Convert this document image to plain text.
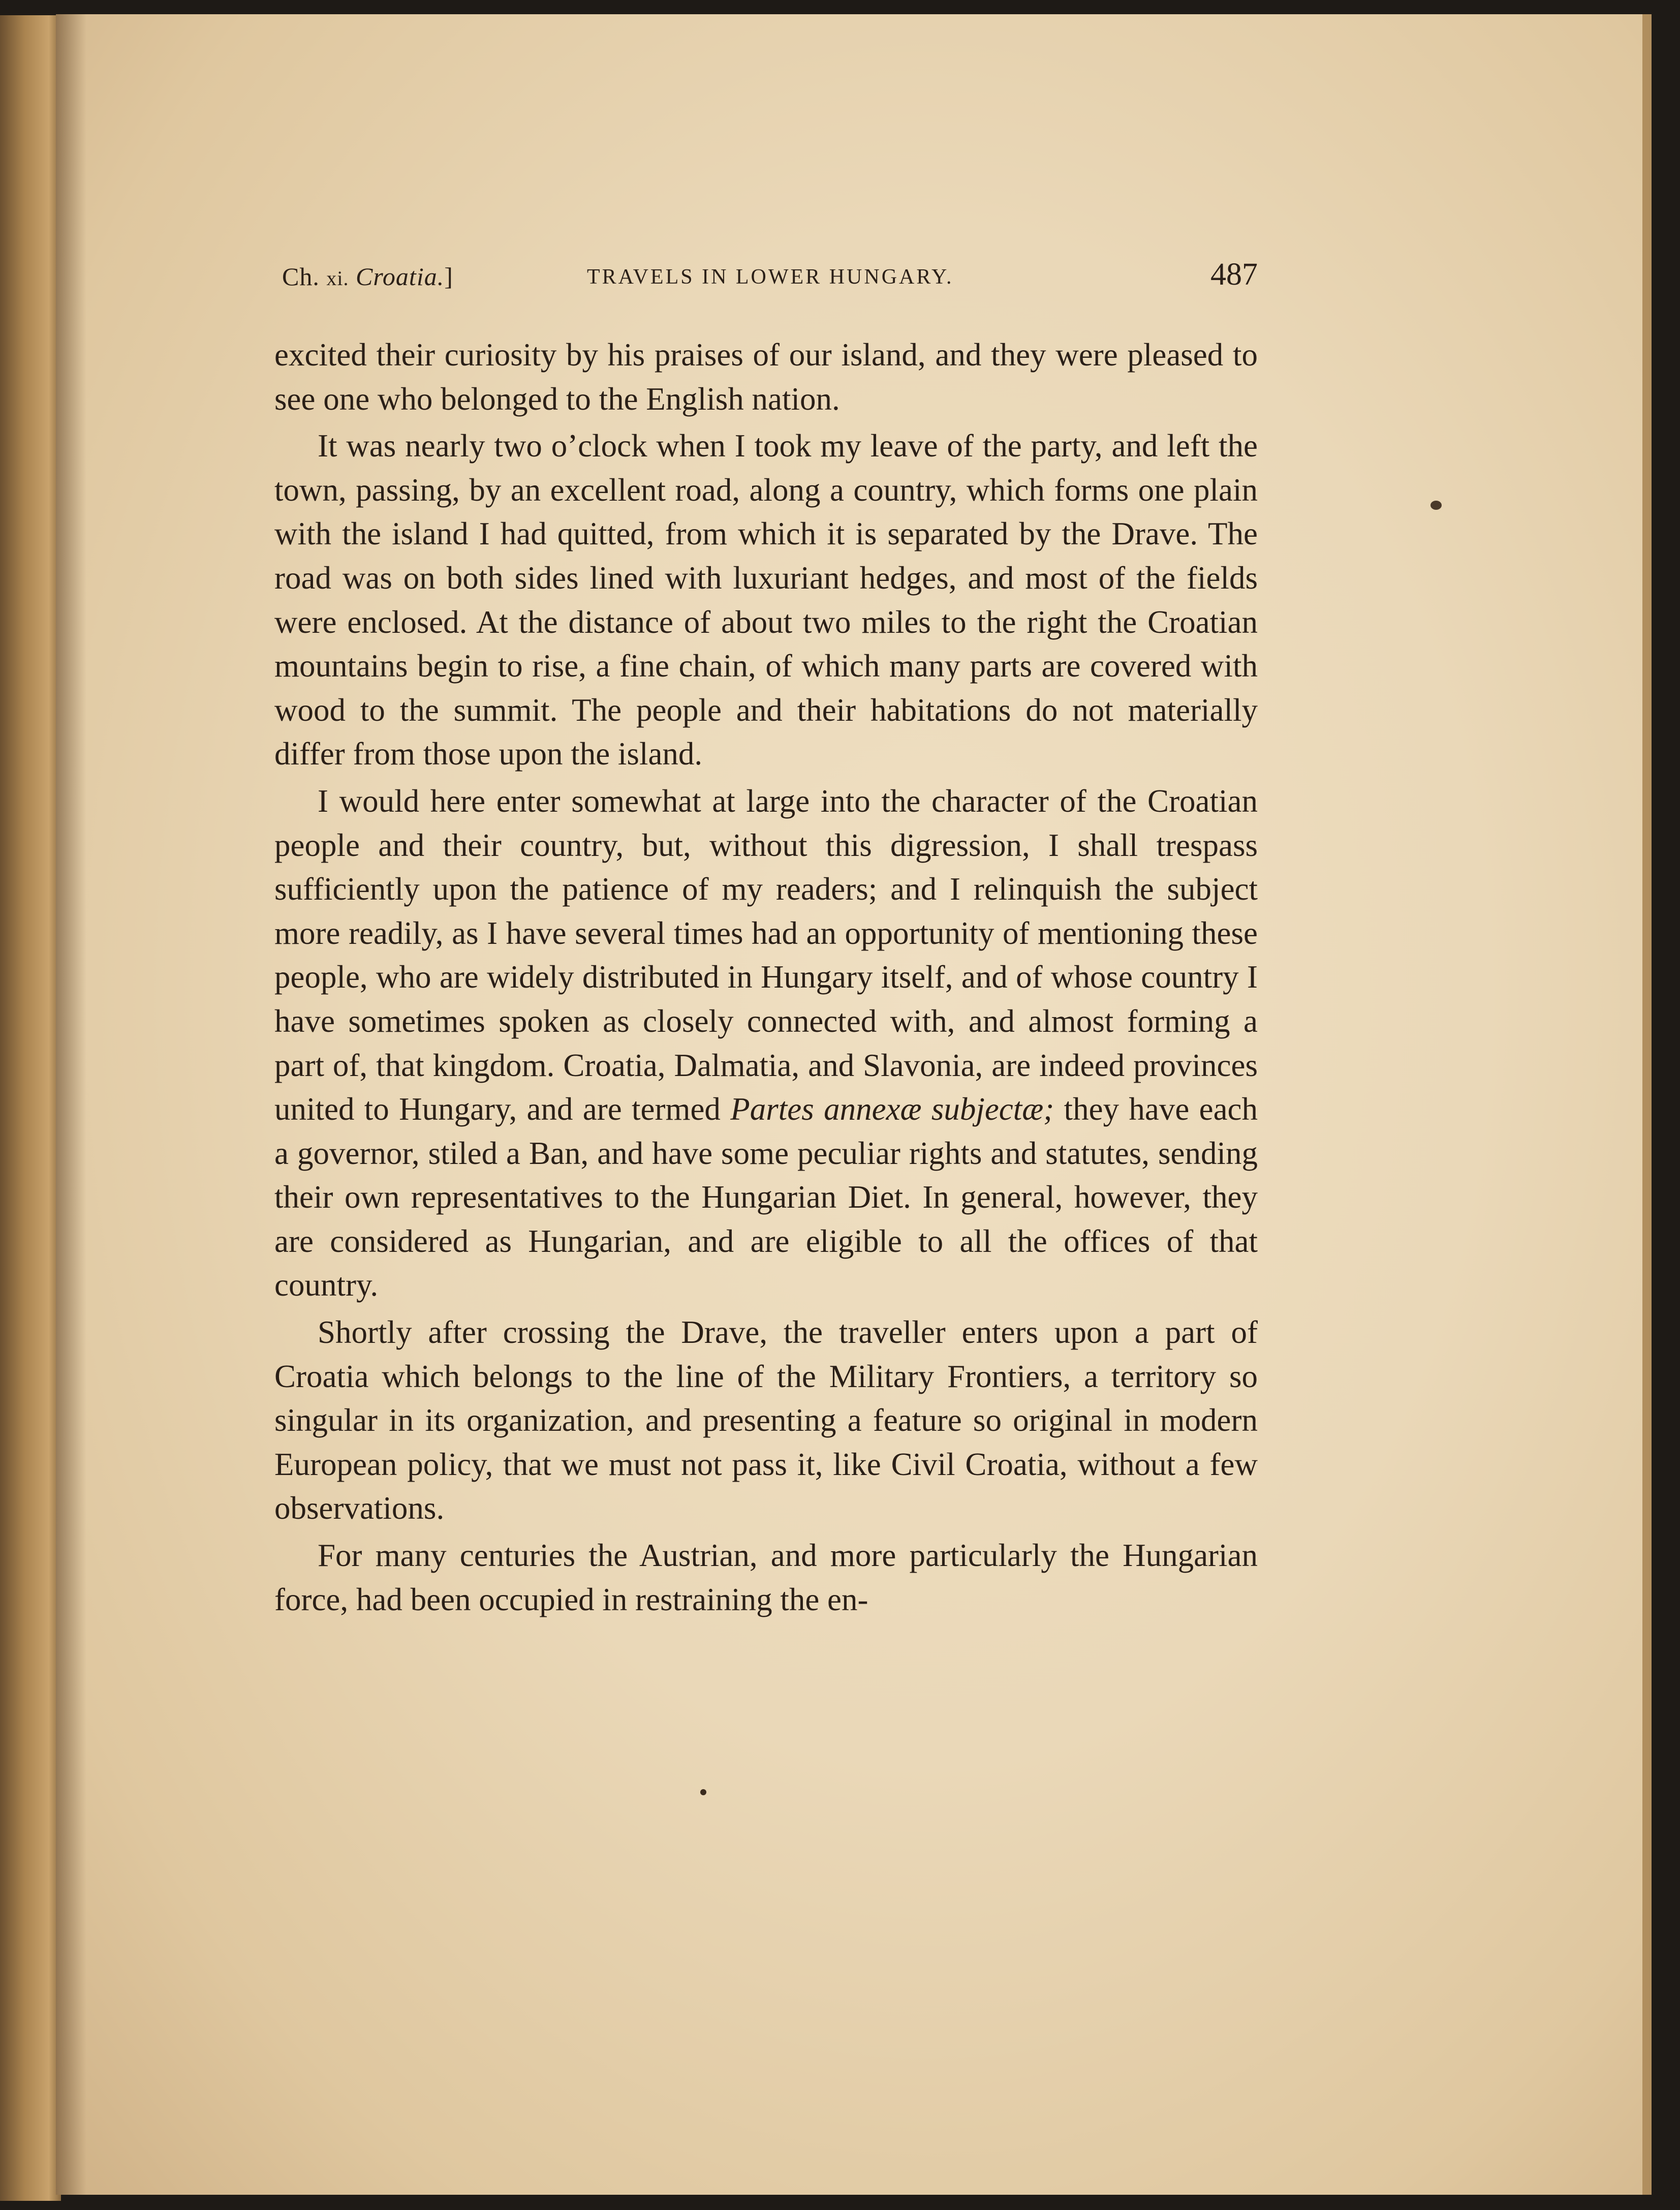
Ch. xi. Croatia.]	TRAVELS IN LOWER HUNGARY.	487

excited their curiosity by his praises of our island, and they were pleased to see one who belonged to the English nation.

It was nearly two o’clock when I took my leave of the party, and left the town, passing, by an excellent road, along a country, which forms one plain with the island I had quitted, from which it is separated by the Drave. The road was on both sides lined with luxuriant hedges, and most of the fields were enclosed. At the distance of about two miles to the right the Croatian mountains begin to rise, a fine chain, of which many parts are covered with wood to the summit. The people and their habitations do not materially differ from those upon the island.

I would here enter somewhat at large into the character of the Croatian people and their country, but, without this digression, I shall trespass sufficiently upon the patience of my readers; and I relinquish the subject more readily, as I have several times had an opportunity of mentioning these people, who are widely distributed in Hungary itself, and of whose country I have sometimes spoken as closely connected with, and almost forming a part of, that kingdom. Croatia, Dalmatia, and Slavonia, are indeed provinces united to Hungary, and are termed Partes annexæ subjectæ; they have each a governor, stiled a Ban, and have some peculiar rights and statutes, sending their own representatives to the Hungarian Diet. In general, however, they are considered as Hungarian, and are eligible to all the offices of that country.

Shortly after crossing the Drave, the traveller enters upon a part of Croatia which belongs to the line of the Military Frontiers, a territory so singular in its organization, and presenting a feature so original in modern European policy, that we must not pass it, like Civil Croatia, without a few observations.

For many centuries the Austrian, and more particularly the Hungarian force, had been occupied in restraining the en-
